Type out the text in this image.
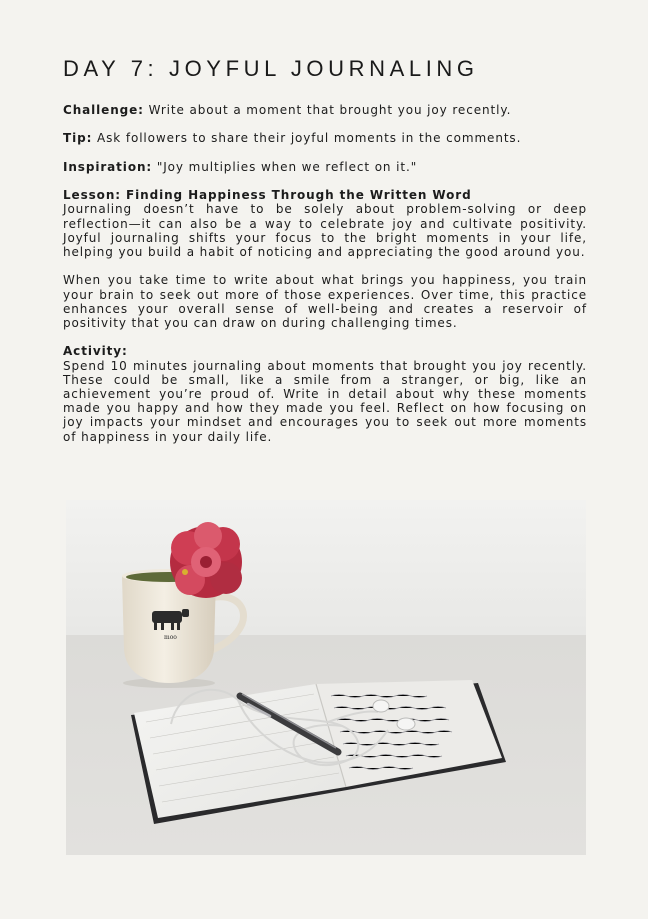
DAY 7: JOYFUL JOURNALING

Challenge: Write about a moment that brought you joy recently.

Tip: Ask followers to share their joyful moments in the comments.

Inspiration: "Joy multiplies when we reflect on it."

Lesson: Finding Happiness Through the Written Word

Journaling doesn’t have to be solely about problem-solving or deep reflection—it can also be a way to celebrate joy and cultivate positivity. Joyful journaling shifts your focus to the bright moments in your life, helping you build a habit of noticing and appreciating the good around you.

When you take time to write about what brings you happiness, you train your brain to seek out more of those experiences. Over time, this practice enhances your overall sense of well-being and creates a reservoir of positivity that you can draw on during challenging times.

Activity:

Spend 10 minutes journaling about moments that brought you joy recently. These could be small, like a smile from a stranger, or big, like an achievement you’re proud of. Write in detail about why these moments made you happy and how they made you feel. Reflect on how focusing on joy impacts your mindset and encourages you to seek out more moments of happiness in your daily life.

moo
